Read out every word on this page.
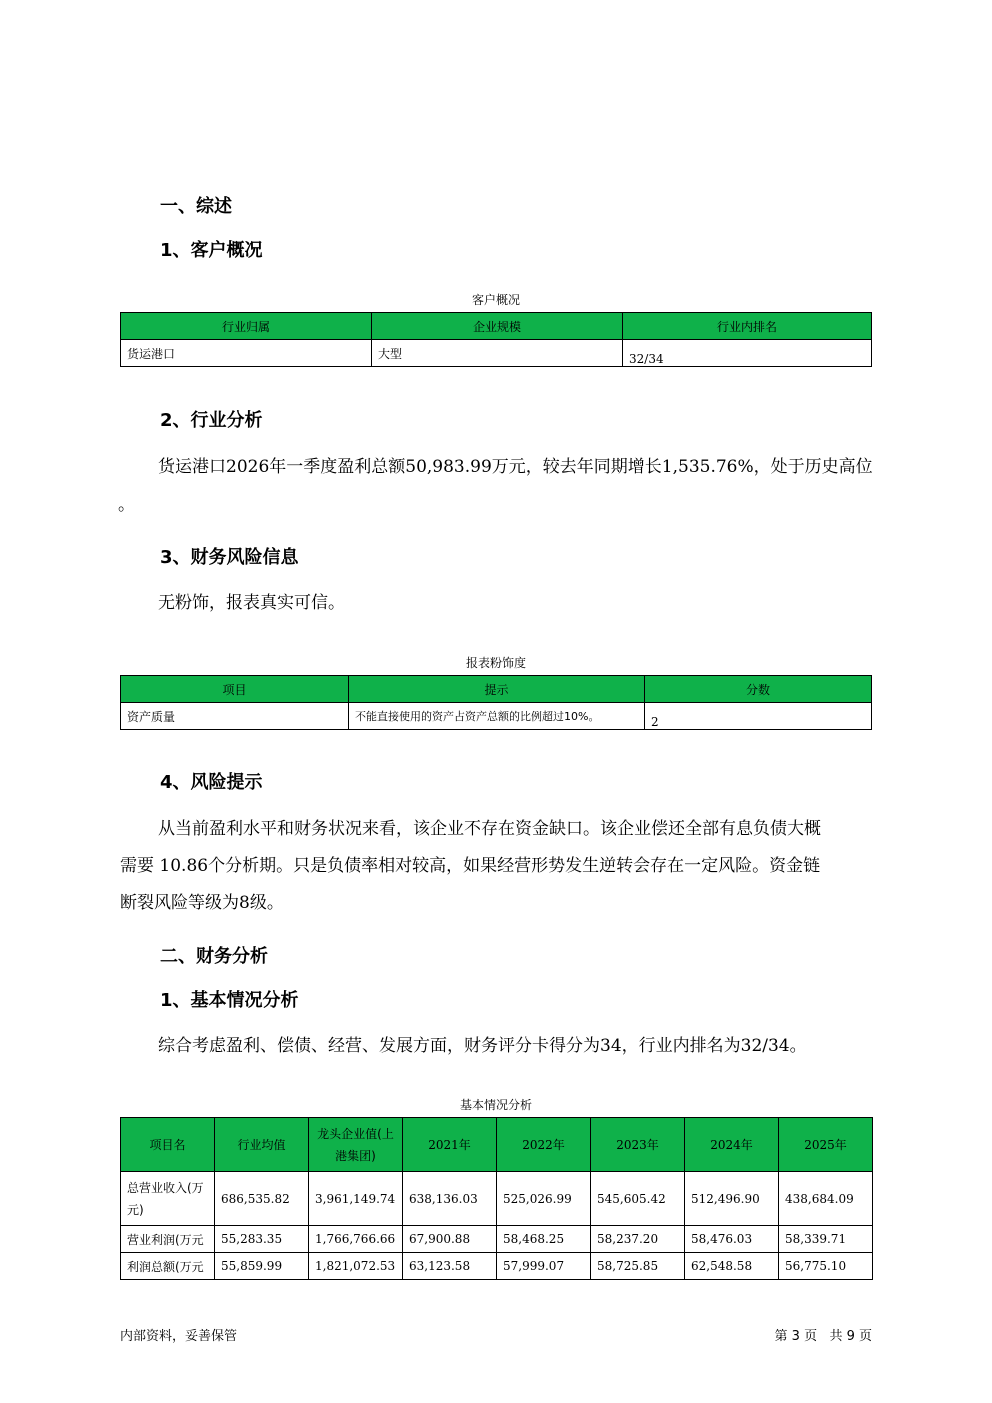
一、综述
1、客户概况
客户概况
行业归属	企业规模	行业内排名
货运港口	大型	32/34
2、行业分析
货运港口2026年一季度盈利总额50,983.99万元，较去年同期增长1,535.76%，处于历史高位
。
3、财务风险信息
无粉饰，报表真实可信。
报表粉饰度
项目	提示	分数
资产质量	不能直接使用的资产占资产总额的比例超过10%。	2
4、风险提示
从当前盈利水平和财务状况来看，该企业不存在资金缺口。该企业偿还全部有息负债大概
需要 10.86个分析期。只是负债率相对较高，如果经营形势发生逆转会存在一定风险。资金链
断裂风险等级为8级。
二、财务分析
1、基本情况分析
综合考虑盈利、偿债、经营、发展方面，财务评分卡得分为34，行业内排名为32/34。
基本情况分析
项目名	行业均值	龙头企业值(上港集团)	2021年	2022年	2023年	2024年	2025年
总营业收入(万元)	686,535.82	3,961,149.74	638,136.03	525,026.99	545,605.42	512,496.90	438,684.09
营业利润(万元	55,283.35	1,766,766.66	67,900.88	58,468.25	58,237.20	58,476.03	58,339.71
利润总额(万元	55,859.99	1,821,072.53	63,123.58	57,999.07	58,725.85	62,548.58	56,775.10
内部资料，妥善保管	第 3 页   共 9 页
